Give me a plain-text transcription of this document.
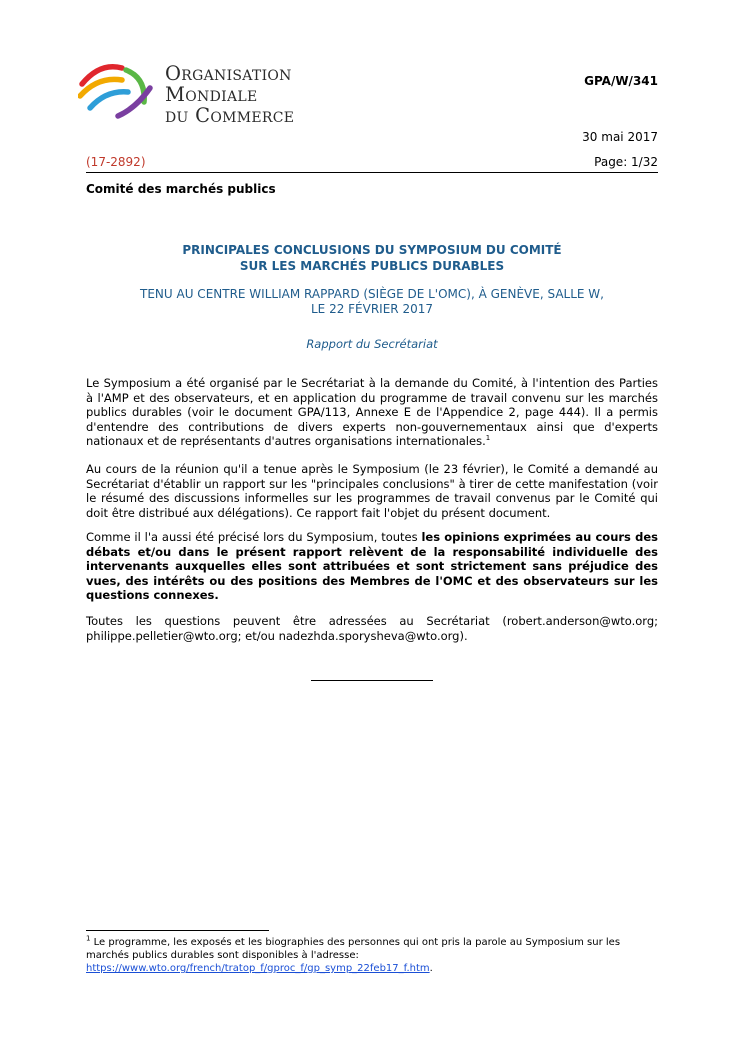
Organisation
Mondiale
du Commerce
GPA/W/341
30 mai 2017
(17-2892)	Page: 1/32
Comité des marchés publics
PRINCIPALES CONCLUSIONS DU SYMPOSIUM DU COMITÉ
SUR LES MARCHÉS PUBLICS DURABLES
TENU AU CENTRE WILLIAM RAPPARD (SIÈGE DE L'OMC), À GENÈVE, SALLE W,
LE 22 FÉVRIER 2017
Rapport du Secrétariat

Le Symposium a été organisé par le Secrétariat à la demande du Comité, à l'intention des Parties à l'AMP et des observateurs, et en application du programme de travail convenu sur les marchés publics durables (voir le document GPA/113, Annexe E de l'Appendice 2, page 444). Il a permis d'entendre des contributions de divers experts non-gouvernementaux ainsi que d'experts nationaux et de représentants d'autres organisations internationales.$^1$

Au cours de la réunion qu'il a tenue après le Symposium (le 23 février), le Comité a demandé au Secrétariat d'établir un rapport sur les "principales conclusions" à tirer de cette manifestation (voir le résumé des discussions informelles sur les programmes de travail convenus par le Comité qui doit être distribué aux délégations). Ce rapport fait l'objet du présent document.

Comme il l'a aussi été précisé lors du Symposium, toutes les opinions exprimées au cours des débats et/ou dans le présent rapport relèvent de la responsabilité individuelle des intervenants auxquelles elles sont attribuées et sont strictement sans préjudice des vues, des intérêts ou des positions des Membres de l'OMC et des observateurs sur les questions connexes.

Toutes les questions peuvent être adressées au Secrétariat (robert.anderson@wto.org; philippe.pelletier@wto.org; et/ou nadezhda.sporysheva@wto.org).

$^1$ Le programme, les exposés et les biographies des personnes qui ont pris la parole au Symposium sur les marchés publics durables sont disponibles à l'adresse:
https://www.wto.org/french/tratop_f/gproc_f/gp_symp_22feb17_f.htm.
